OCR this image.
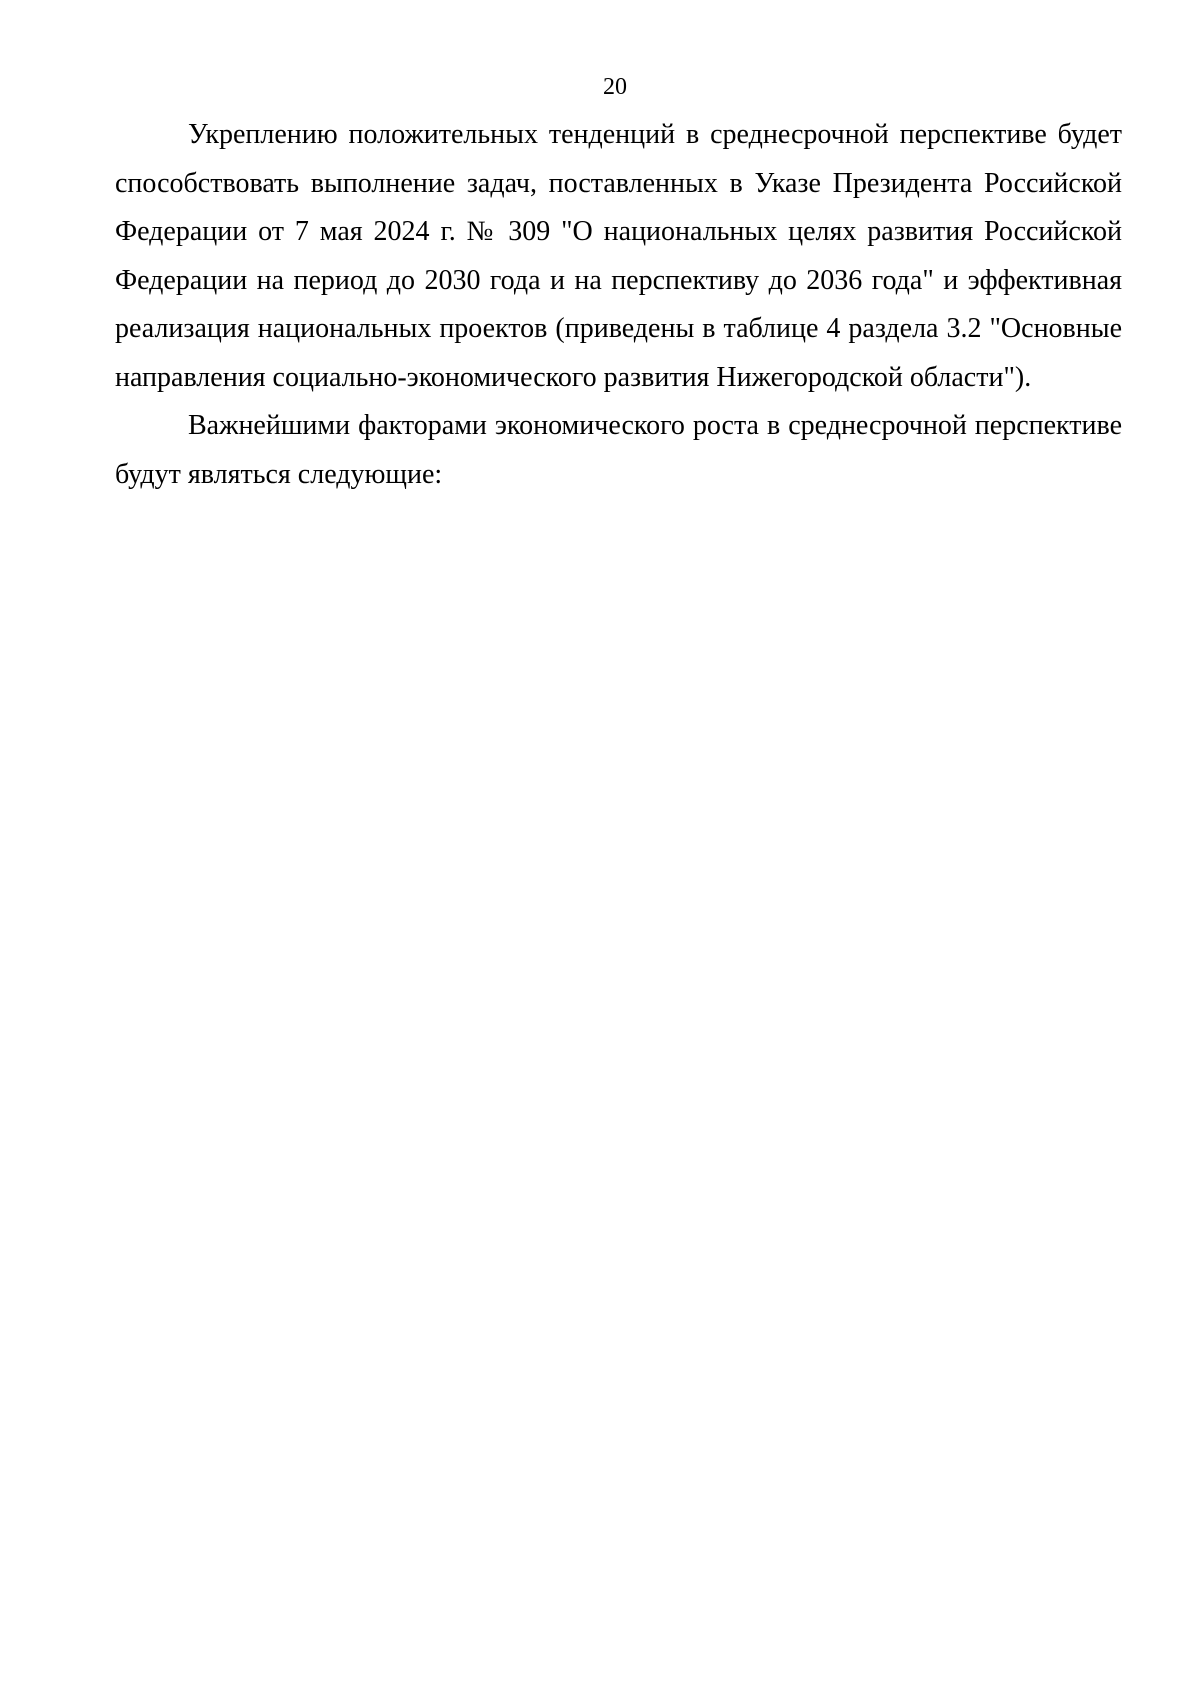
20

Укреплению положительных тенденций в среднесрочной перспективе будет способствовать выполнение задач, поставленных в Указе Президента Российской Федерации от 7 мая 2024 г. № 309 "О национальных целях развития Российской Федерации на период до 2030 года и на перспективу до 2036 года" и эффективная реализация национальных проектов (приведены в таблице 4 раздела 3.2 "Основные направления социально-экономического развития Нижегородской области").

Важнейшими факторами экономического роста в среднесрочной перспективе будут являться следующие:
